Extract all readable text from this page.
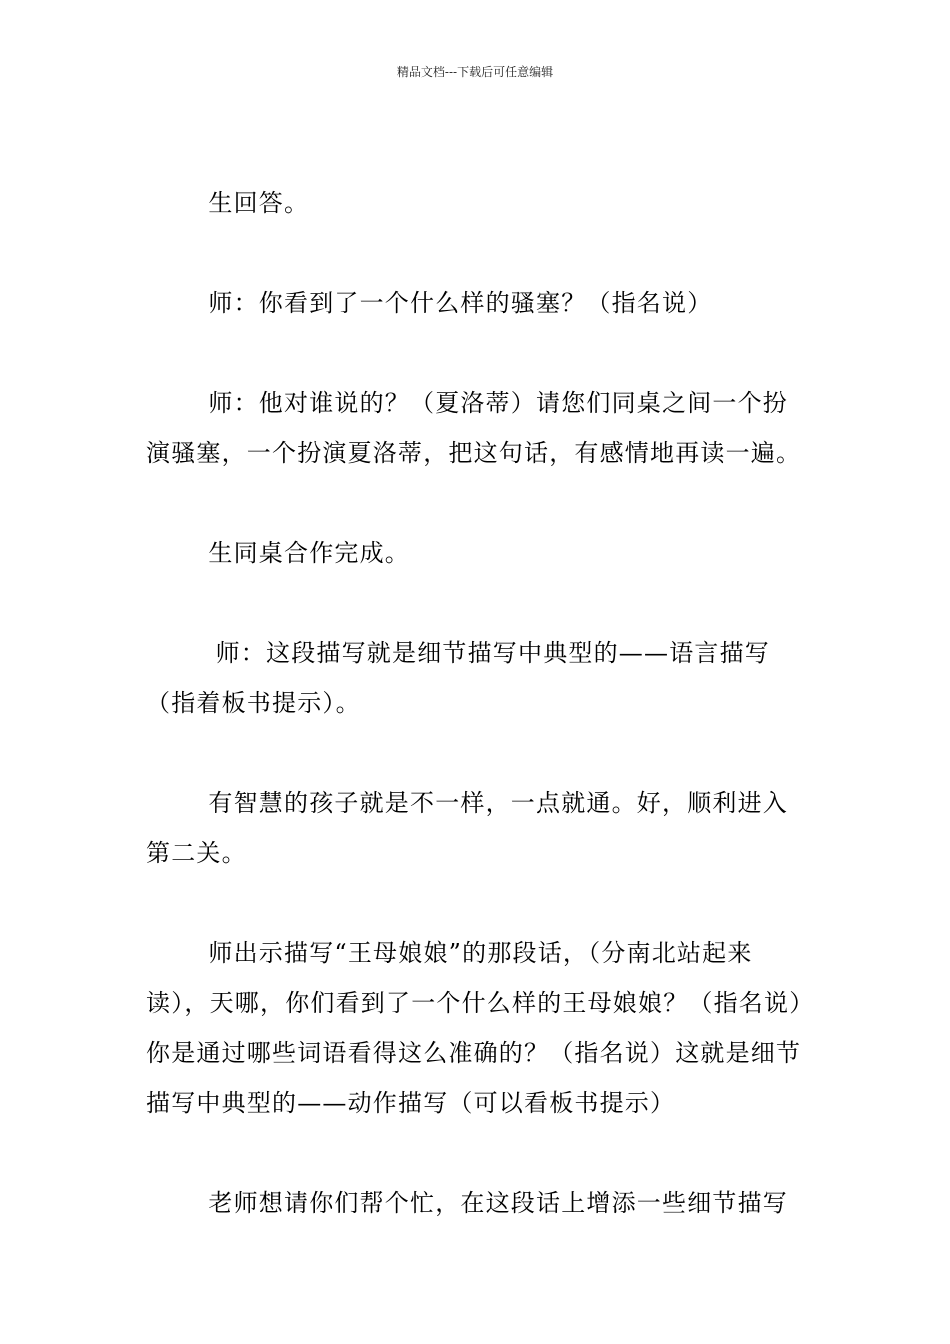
精品文档---下载后可任意编辑

生回答。

师：你看到了一个什么样的骚塞？（指名说）

师：他对谁说的？（夏洛蒂）请您们同桌之间一个扮演骚塞，一个扮演夏洛蒂，把这句话，有感情地再读一遍。

生同桌合作完成。

师：这段描写就是细节描写中典型的——语言描写（指着板书提示）。

有智慧的孩子就是不一样，一点就通。好，顺利进入第二关。

师出示描写“王母娘娘”的那段话，（分南北站起来读），天哪，你们看到了一个什么样的王母娘娘？（指名说）你是通过哪些词语看得这么准确的？（指名说）这就是细节描写中典型的——动作描写（可以看板书提示）

老师想请你们帮个忙，在这段话上增添一些细节描写
